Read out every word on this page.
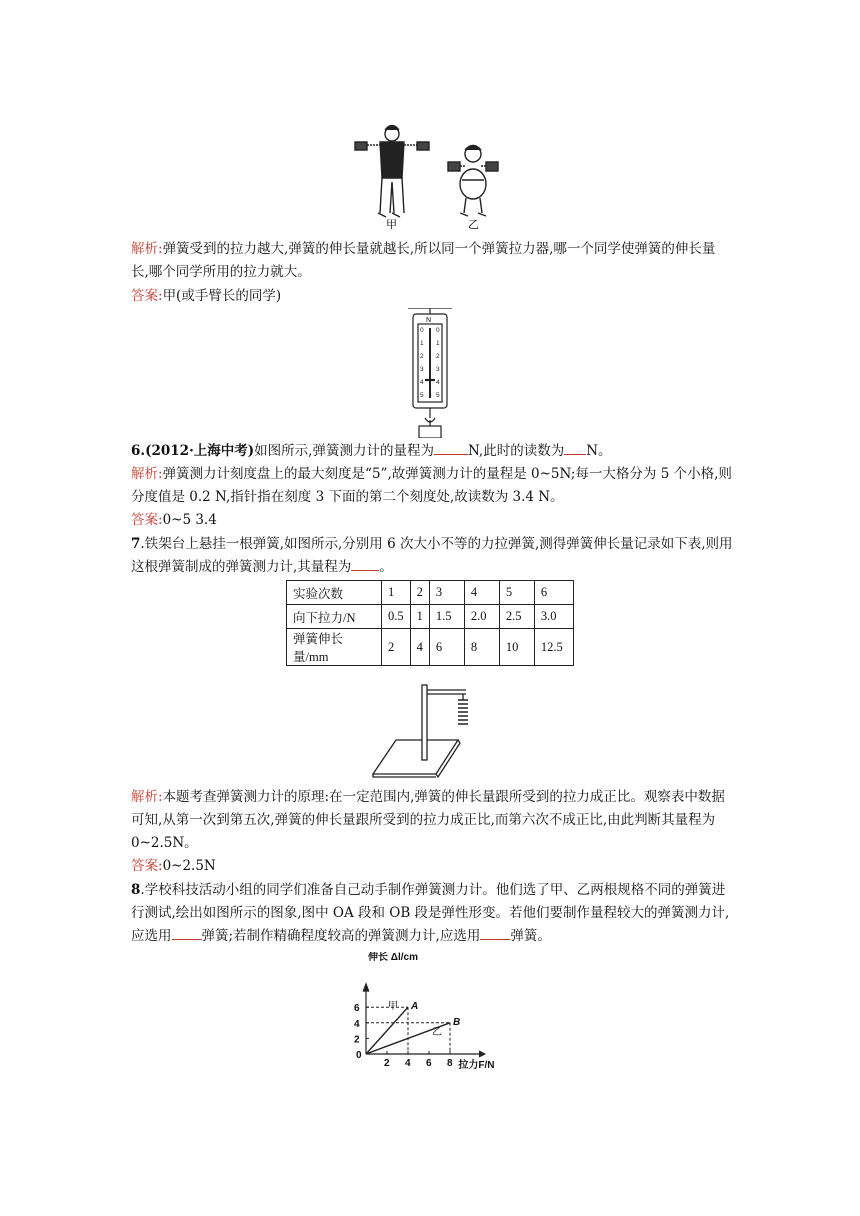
甲	乙
解析:弹簧受到的拉力越大,弹簧的伸长量就越长,所以同一个弹簧拉力器,哪一个同学使弹簧的伸长量
长,哪个同学所用的拉力就大。
答案:甲(或手臂长的同学)
N
0
1
2
3
4
5
0
1
2
3
4
5
6.(2012·上海中考)如图所示,弹簧测力计的量程为	N,此时的读数为 N。
解析:弹簧测力计刻度盘上的最大刻度是“5”,故弹簧测力计的量程是 0~5N;每一大格分为 5 个小格,则
分度值是 0.2 N,指针指在刻度 3 下面的第二个刻度处,故读数为 3.4 N。
答案:0~5 3.4
7.铁架台上悬挂一根弹簧,如图所示,分别用 6 次大小不等的力拉弹簧,测得弹簧伸长量记录如下表,则用
这根弹簧制成的弹簧测力计,其量程为 。
实验次数	1	2	3	4	5	6
向下拉力/N	0.5	1	1.5	2.0	2.5	3.0
弹簧伸长量/mm	2	4	6	8	10	12.5
解析:本题考查弹簧测力计的原理:在一定范围内,弹簧的伸长量跟所受到的拉力成正比。观察表中数据
可知,从第一次到第五次,弹簧的伸长量跟所受到的拉力成正比,而第六次不成正比,由此判断其量程为
0~2.5N。
答案:0~2.5N
8.学校科技活动小组的同学们准备自己动手制作弹簧测力计。他们选了甲、乙两根规格不同的弹簧进
行测试,绘出如图所示的图象,图中 OA 段和 OB 段是弹性形变。若他们要制作量程较大的弹簧测力计,
应选用 弹簧;若制作精确程度较高的弹簧测力计,应选用 弹簧。
伸长 Δl/cm
拉力F/N
0
2 4 6 8
2
4
6	A
甲
B
乙
